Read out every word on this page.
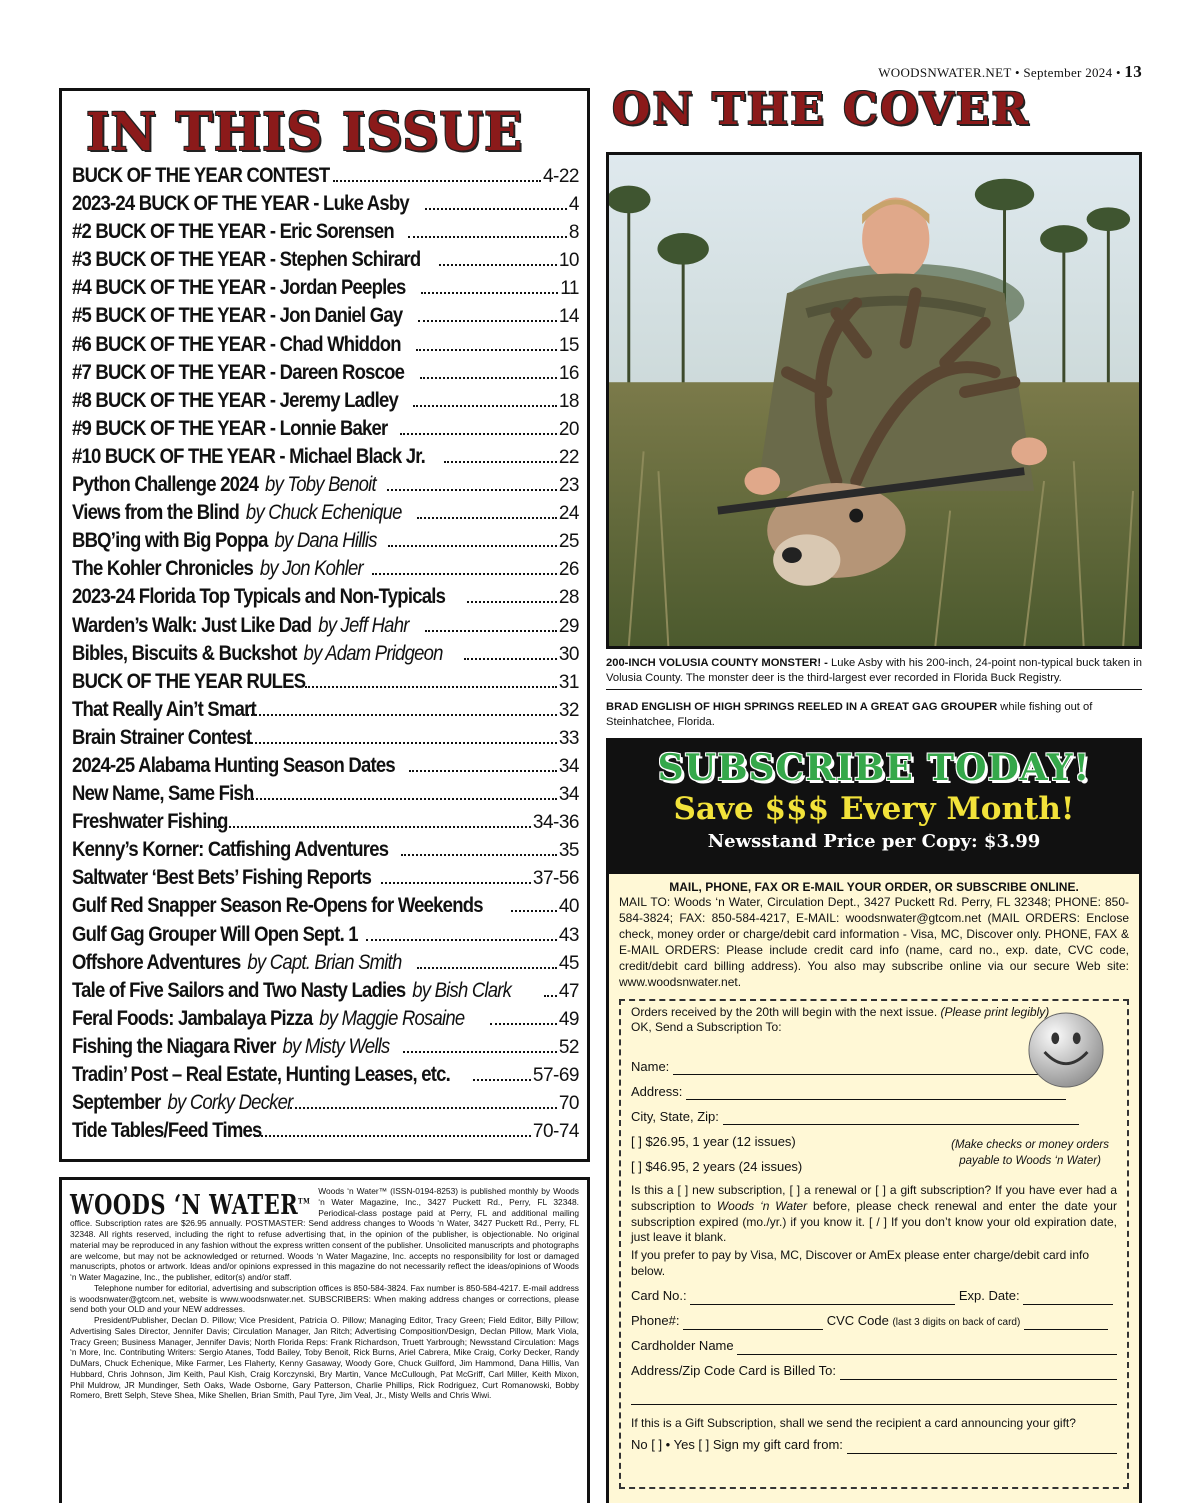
WOODSNWATER.NET • September 2024 • 13
IN THIS ISSUE
BUCK OF THE YEAR CONTEST	4-22
2023-24 BUCK OF THE YEAR - Luke Asby	4
#2 BUCK OF THE YEAR - Eric Sorensen	8
#3 BUCK OF THE YEAR - Stephen Schirard	10
#4 BUCK OF THE YEAR - Jordan Peeples	11
#5 BUCK OF THE YEAR - Jon Daniel Gay	14
#6 BUCK OF THE YEAR - Chad Whiddon	15
#7 BUCK OF THE YEAR - Dareen Roscoe	16
#8 BUCK OF THE YEAR - Jeremy Ladley	18
#9 BUCK OF THE YEAR - Lonnie Baker	20
#10 BUCK OF THE YEAR - Michael Black Jr.	22
Python Challenge 2024 by Toby Benoit	23
Views from the Blind by Chuck Echenique	24
BBQ’ing with Big Poppa by Dana Hillis	25
The Kohler Chronicles by Jon Kohler	26
2023-24 Florida Top Typicals and Non-Typicals	28
Warden’s Walk: Just Like Dad by Jeff Hahr	29
Bibles, Biscuits & Buckshot by Adam Pridgeon	30
BUCK OF THE YEAR RULES	31
That Really Ain’t Smart	32
Brain Strainer Contest	33
2024-25 Alabama Hunting Season Dates	34
New Name, Same Fish	34
Freshwater Fishing	34-36
Kenny’s Korner: Catfishing Adventures	35
Saltwater ‘Best Bets’ Fishing Reports	37-56
Gulf Red Snapper Season Re-Opens for Weekends	40
Gulf Gag Grouper Will Open Sept. 1	43
Offshore Adventures by Capt. Brian Smith	45
Tale of Five Sailors and Two Nasty Ladies by Bish Clark	47
Feral Foods: Jambalaya Pizza by Maggie Rosaine	49
Fishing the Niagara River by Misty Wells	52
Tradin’ Post – Real Estate, Hunting Leases, etc.	57-69
September by Corky Decker	70
Tide Tables/Feed Times	70-74
WOODS ‘N WATER™

Woods ‘n Water™ (ISSN-0194-8253) is published monthly by Woods ‘n Water Magazine, Inc., 3427 Puckett Rd., Perry, FL 32348. Periodical-class postage paid at Perry, FL and additional mailing office. Subscription rates are $26.95 annually. POSTMASTER: Send address changes to Woods ‘n Water, 3427 Puckett Rd., Perry, FL 32348. All rights reserved, including the right to refuse advertising that, in the opinion of the publisher, is objectionable. No original material may be reproduced in any fashion without the express written consent of the publisher. Unsolicited manuscripts and photographs are welcome, but may not be acknowledged or returned. Woods ‘n Water Magazine, Inc. accepts no responsibility for lost or damaged manuscripts, photos or artwork. Ideas and/or opinions expressed in this magazine do not necessarily reflect the ideas/opinions of Woods ‘n Water Magazine, Inc., the publisher, editor(s) and/or staff.

Telephone number for editorial, advertising and subscription offices is 850-584-3824. Fax number is 850-584-4217. E-mail address is woodsnwater@gtcom.net, website is www.woodsnwater.net. SUBSCRIBERS: When making address changes or corrections, please send both your OLD and your NEW addresses.

President/Publisher, Declan D. Pillow; Vice President, Patricia O. Pillow; Managing Editor, Tracy Green; Field Editor, Billy Pillow; Advertising Sales Director, Jennifer Davis; Circulation Manager, Jan Ritch; Advertising Composition/Design, Declan Pillow, Mark Viola, Tracy Green; Business Manager, Jennifer Davis; North Florida Reps: Frank Richardson, Truett Yarbrough; Newsstand Circulation: Mags ‘n More, Inc. Contributing Writers: Sergio Atanes, Todd Bailey, Toby Benoit, Rick Burns, Ariel Cabrera, Mike Craig, Corky Decker, Randy DuMars, Chuck Echenique, Mike Farmer, Les Flaherty, Kenny Gasaway, Woody Gore, Chuck Guilford, Jim Hammond, Dana Hillis, Van Hubbard, Chris Johnson, Jim Keith, Paul Kish, Craig Korczynski, Bry Martin, Vance McCullough, Pat McGriff, Carl Miller, Keith Mixon, Phil Muldrow, JR Mundinger, Seth Oaks, Wade Osborne, Gary Patterson, Charlie Phillips, Rick Rodriguez, Curt Romanowski, Bobby Romero, Brett Selph, Steve Shea, Mike Shellen, Brian Smith, Paul Tyre, Jim Veal, Jr., Misty Wells and Chris Wiwi.

ON THE COVER
200-INCH VOLUSIA COUNTY MONSTER! - Luke Asby with his 200-inch, 24-point non-typical buck taken in Volusia County. The monster deer is the third-largest ever recorded in Florida Buck Registry.
BRAD ENGLISH OF HIGH SPRINGS REELED IN A GREAT GAG GROUPER while fishing out of Steinhatchee, Florida.
SUBSCRIBE TODAY!
Save $$$ Every Month!
Newsstand Price per Copy: $3.99
MAIL, PHONE, FAX OR E-MAIL YOUR ORDER, OR SUBSCRIBE ONLINE.
MAIL TO: Woods ‘n Water, Circulation Dept., 3427 Puckett Rd. Perry, FL 32348; PHONE: 850-584-3824; FAX: 850-584-4217, E-MAIL: woodsnwater@gtcom.net (MAIL ORDERS: Enclose check, money order or charge/debit card information - Visa, MC, Discover only. PHONE, FAX & E-MAIL ORDERS: Please include credit card info (name, card no., exp. date, CVC code, credit/debit card billing address). You also may subscribe online via our secure Web site: www.woodsnwater.net.
Orders received by the 20th will begin with the next issue. (Please print legibly)
OK, Send a Subscription To:
Name:
Address:
City, State, Zip:
[ ] $26.95, 1 year (12 issues)
[ ] $46.95, 2 years (24 issues)
(Make checks or money orders
payable to Woods ‘n Water)
Is this a [ ] new subscription, [ ] a renewal or [ ] a gift subscription? If you have ever had a subscription to Woods ‘n Water before, please check renewal and enter the date your subscription expired (mo./yr.) if you know it. [ / ] If you don’t know your old expiration date, just leave it blank.
If you prefer to pay by Visa, MC, Discover or AmEx please enter charge/debit card info below.
Card No.:	Exp. Date:
Phone#:	CVC Code (last 3 digits on back of card)
Cardholder Name
Address/Zip Code Card is Billed To:
If this is a Gift Subscription, shall we send the recipient a card announcing your gift?
No [ ] • Yes [ ] Sign my gift card from:
